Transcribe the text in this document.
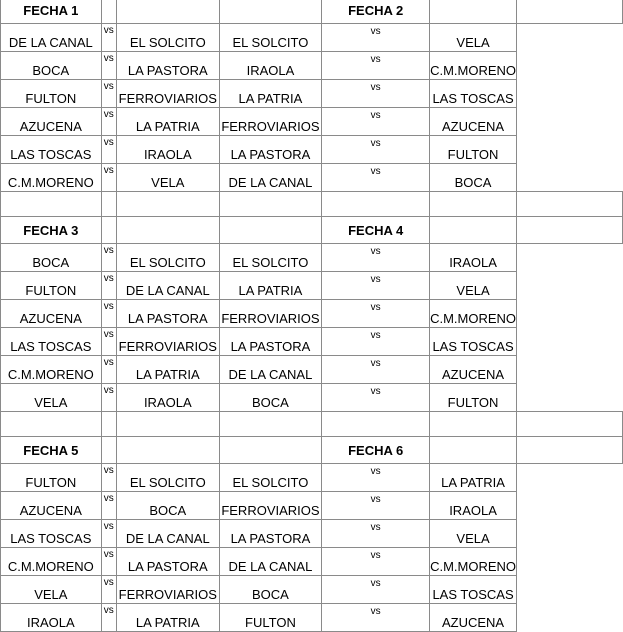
FECHA 1				FECHA 2		
DE LA CANAL	vs	EL SOLCITO	EL SOLCITO	vs	VELA	
BOCA	vs	LA PASTORA	IRAOLA	vs	C.M.MORENO	
FULTON	vs	FERROVIARIOS	LA PATRIA	vs	LAS TOSCAS	
AZUCENA	vs	LA PATRIA	FERROVIARIOS	vs	AZUCENA	
LAS TOSCAS	vs	IRAOLA	LA PASTORA	vs	FULTON	
C.M.MORENO	vs	VELA	DE LA CANAL	vs	BOCA	

FECHA 3				FECHA 4		
BOCA	vs	EL SOLCITO	EL SOLCITO	vs	IRAOLA	
FULTON	vs	DE LA CANAL	LA PATRIA	vs	VELA	
AZUCENA	vs	LA PASTORA	FERROVIARIOS	vs	C.M.MORENO	
LAS TOSCAS	vs	FERROVIARIOS	LA PASTORA	vs	LAS TOSCAS	
C.M.MORENO	vs	LA PATRIA	DE LA CANAL	vs	AZUCENA	
VELA	vs	IRAOLA	BOCA	vs	FULTON	

FECHA 5				FECHA 6		
FULTON	vs	EL SOLCITO	EL SOLCITO	vs	LA PATRIA	
AZUCENA	vs	BOCA	FERROVIARIOS	vs	IRAOLA	
LAS TOSCAS	vs	DE LA CANAL	LA PASTORA	vs	VELA	
C.M.MORENO	vs	LA PASTORA	DE LA CANAL	vs	C.M.MORENO	
VELA	vs	FERROVIARIOS	BOCA	vs	LAS TOSCAS	
IRAOLA	vs	LA PATRIA	FULTON	vs	AZUCENA	
